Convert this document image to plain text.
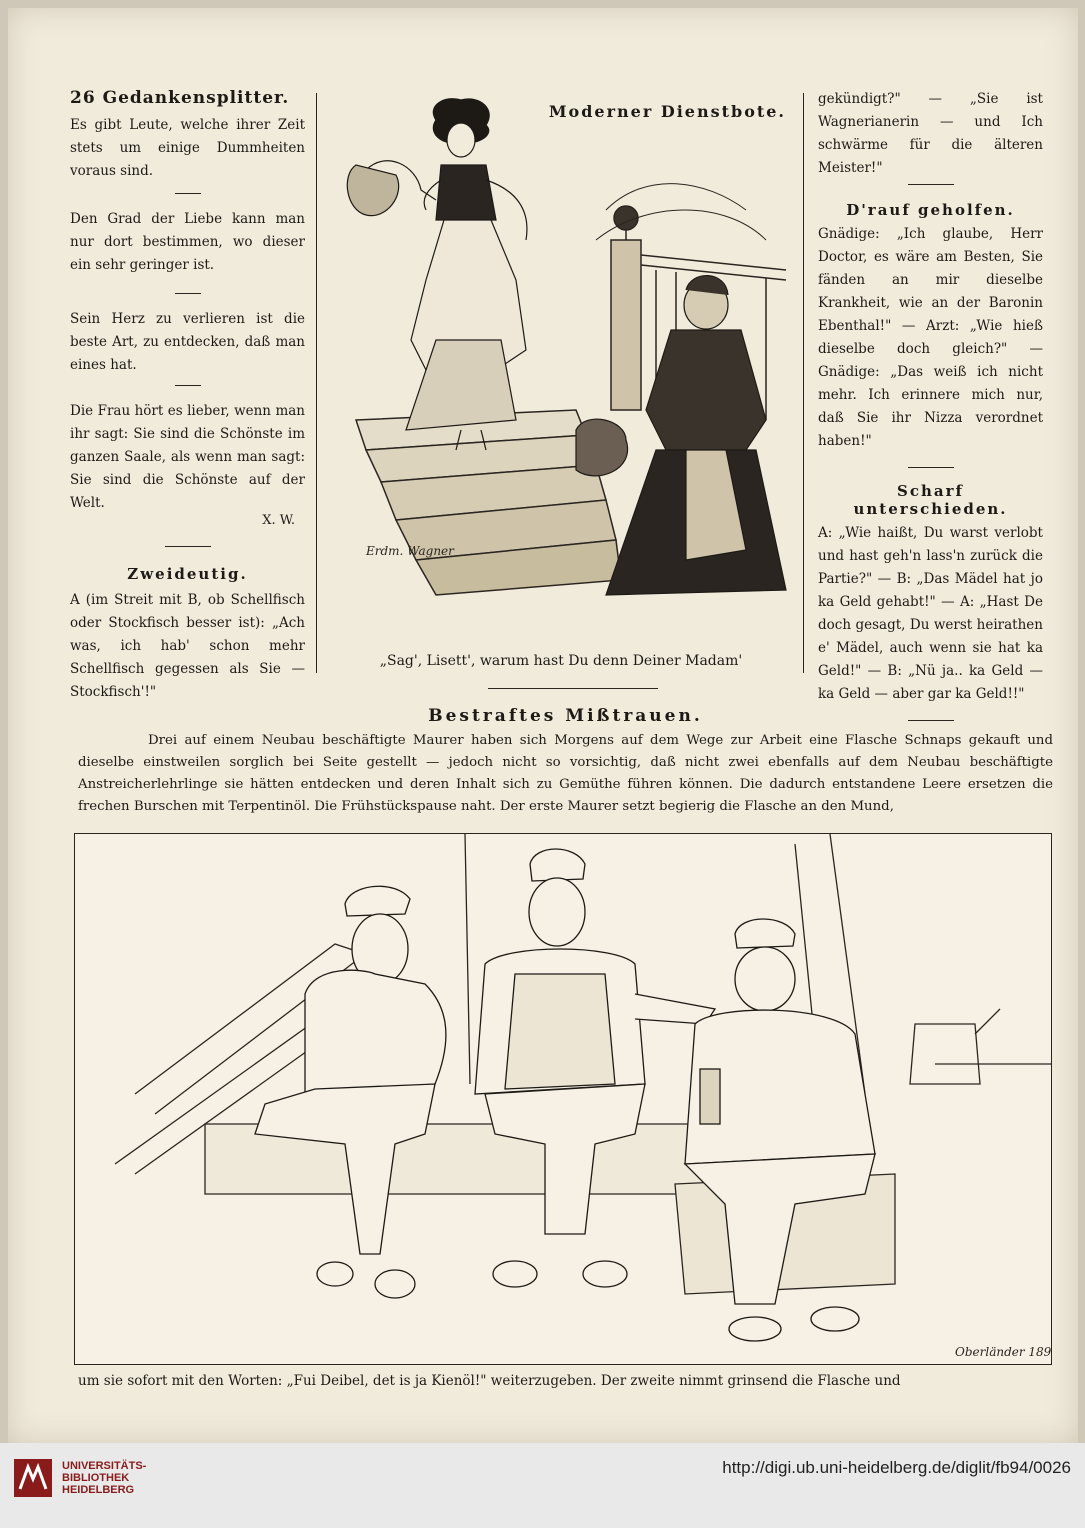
26 Gedankensplitter.

Es gibt Leute, welche ihrer Zeit stets um einige Dummheiten voraus sind.

Den Grad der Liebe kann man nur dort bestimmen, wo dieser ein sehr geringer ist.

Sein Herz zu verlieren ist die beste Art, zu entdecken, daß man eines hat.

Die Frau hört es lieber, wenn man ihr sagt: Sie sind die Schönste im ganzen Saale, als wenn man sagt: Sie sind die Schönste auf der Welt.

X. W.
Zweideutig.

A (im Streit mit B, ob Schellfisch oder Stockfisch besser ist): „Ach was, ich hab' schon mehr Schellfisch gegessen als Sie — Stockfisch'!"

Moderner Dienstbote.
Erdm. Wagner
„Sag', Lisett', warum hast Du denn Deiner Madam'

gekündigt?" — „Sie ist Wagnerianerin — und Ich schwärme für die älteren Meister!"

D'rauf geholfen.

Gnädige: „Ich glaube, Herr Doctor, es wäre am Besten, Sie fänden an mir dieselbe Krankheit, wie an der Baronin Ebenthal!" — Arzt: „Wie hieß dieselbe doch gleich?" — Gnädige: „Das weiß ich nicht mehr. Ich erinnere mich nur, daß Sie ihr Nizza verordnet haben!"

Scharf unterschieden.

A: „Wie haißt, Du warst verlobt und hast geh'n lass'n zurück die Partie?" — B: „Das Mädel hat jo ka Geld gehabt!" — A: „Hast De doch gesagt, Du werst heirathen e' Mädel, auch wenn sie hat ka Geld!" — B: „Nü ja.. ka Geld — ka Geld — aber gar ka Geld!!"

Bestraftes Mißtrauen.

Drei auf einem Neubau beschäftigte Maurer haben sich Morgens auf dem Wege zur Arbeit eine Flasche Schnaps gekauft und dieselbe einstweilen sorglich bei Seite gestellt — jedoch nicht so vorsichtig, daß nicht zwei ebenfalls auf dem Neubau beschäftigte Anstreicherlehrlinge sie hätten entdecken und deren Inhalt sich zu Gemüthe führen können. Die dadurch entstandene Leere ersetzen die frechen Burschen mit Terpentinöl. Die Frühstückspause naht. Der erste Maurer setzt begierig die Flasche an den Mund,

Oberländer 1890
um sie sofort mit den Worten: „Fui Deibel, det is ja Kienöl!" weiterzugeben. Der zweite nimmt grinsend die Flasche und
UNIVERSITÄTS-
BIBLIOTHEK
HEIDELBERG
http://digi.ub.uni-heidelberg.de/diglit/fb94/0026
